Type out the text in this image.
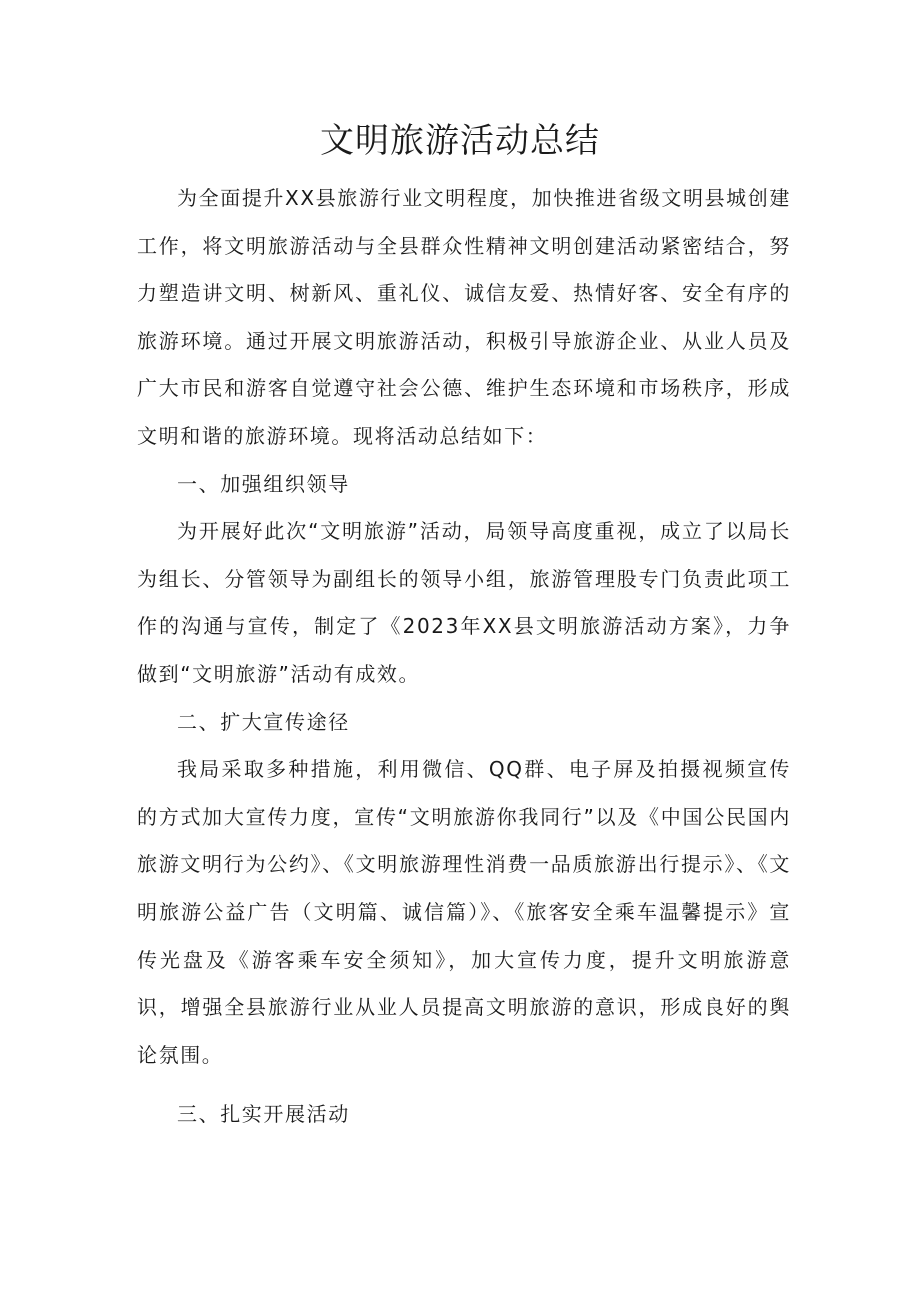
文明旅游活动总结

为全面提升XX县旅游行业文明程度，加快推进省级文明县城创建工作，将文明旅游活动与全县群众性精神文明创建活动紧密结合，努力塑造讲文明、树新风、重礼仪、诚信友爱、热情好客、安全有序的旅游环境。通过开展文明旅游活动，积极引导旅游企业、从业人员及广大市民和游客自觉遵守社会公德、维护生态环境和市场秩序，形成文明和谐的旅游环境。现将活动总结如下：

一、加强组织领导

为开展好此次“文明旅游”活动，局领导高度重视，成立了以局长为组长、分管领导为副组长的领导小组，旅游管理股专门负责此项工作的沟通与宣传，制定了《2023年XX县文明旅游活动方案》，力争做到“文明旅游”活动有成效。

二、扩大宣传途径

我局采取多种措施，利用微信、QQ群、电子屏及拍摄视频宣传的方式加大宣传力度，宣传“文明旅游你我同行”以及《中国公民国内旅游文明行为公约》、《文明旅游理性消费一品质旅游出行提示》、《文明旅游公益广告（文明篇、诚信篇）》、《旅客安全乘车温馨提示》宣传光盘及《游客乘车安全须知》，加大宣传力度，提升文明旅游意识，增强全县旅游行业从业人员提高文明旅游的意识，形成良好的舆论氛围。

三、扎实开展活动
